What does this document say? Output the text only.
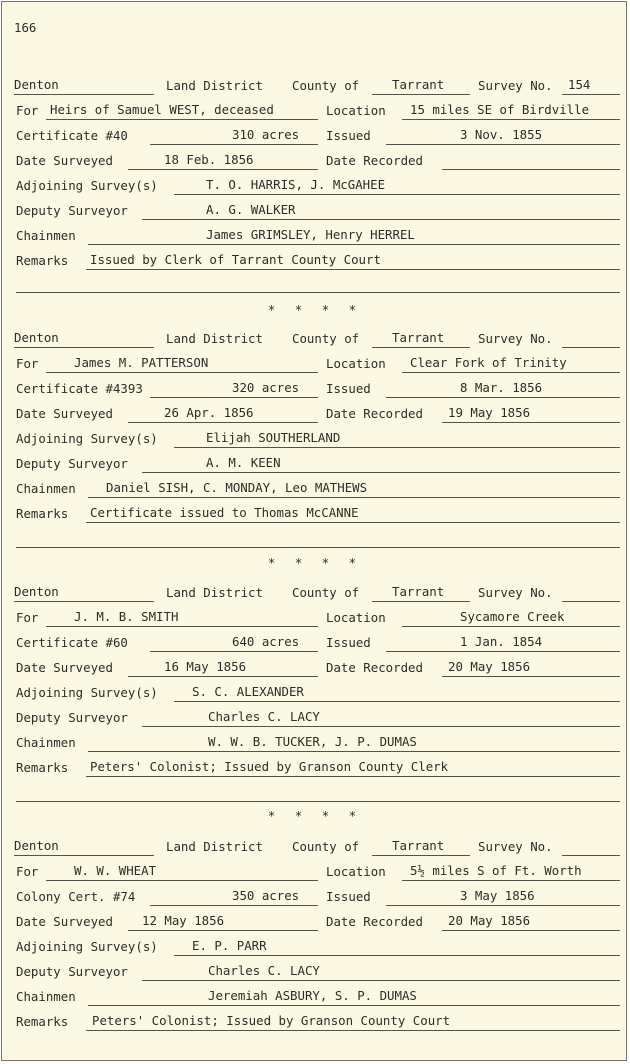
166
Denton	Land District County of	Tarrant	Survey No. 154
For Heirs of Samuel WEST, deceased	Location 15 miles SE of Birdville
Certificate #40	310 acres Issued	3 Nov. 1855
Date Surveyed	18 Feb. 1856	Date Recorded
Adjoining Survey(s)	T. O. HARRIS, J. McGAHEE
Deputy Surveyor	A. G. WALKER
Chainmen	James GRIMSLEY, Henry HERREL
Remarks Issued by Clerk of Tarrant County Court
* * * *
Denton	Land District County of	Tarrant	Survey No.
For	James M. PATTERSON	Location Clear Fork of Trinity
Certificate #4393	320 acres Issued	8 Mar. 1856
Date Surveyed	26 Apr. 1856	Date Recorded 19 May 1856
Adjoining Survey(s)	Elijah SOUTHERLAND
Deputy Surveyor	A. M. KEEN
Chainmen Daniel SISH, C. MONDAY, Leo MATHEWS
Remarks Certificate issued to Thomas McCANNE
* * * *
Denton	Land District County of	Tarrant	Survey No.
For	J. M. B. SMITH	Location	Sycamore Creek
Certificate #60	640 acres Issued	1 Jan. 1854
Date Surveyed	16 May 1856	Date Recorded 20 May 1856
Adjoining Survey(s)	S. C. ALEXANDER
Deputy Surveyor	Charles C. LACY
Chainmen	W. W. B. TUCKER, J. P. DUMAS
Remarks Peters' Colonist; Issued by Granson County Clerk
* * * *
Denton	Land District County of	Tarrant	Survey No.
For	W. W. WHEAT	Location 5½ miles S of Ft. Worth
Colony Cert. #74	350 acres Issued	3 May 1856
Date Surveyed 12 May 1856	Date Recorded 20 May 1856
Adjoining Survey(s)	E. P. PARR
Deputy Surveyor	Charles C. LACY
Chainmen	Jeremiah ASBURY, S. P. DUMAS
Remarks Peters' Colonist; Issued by Granson County Court
